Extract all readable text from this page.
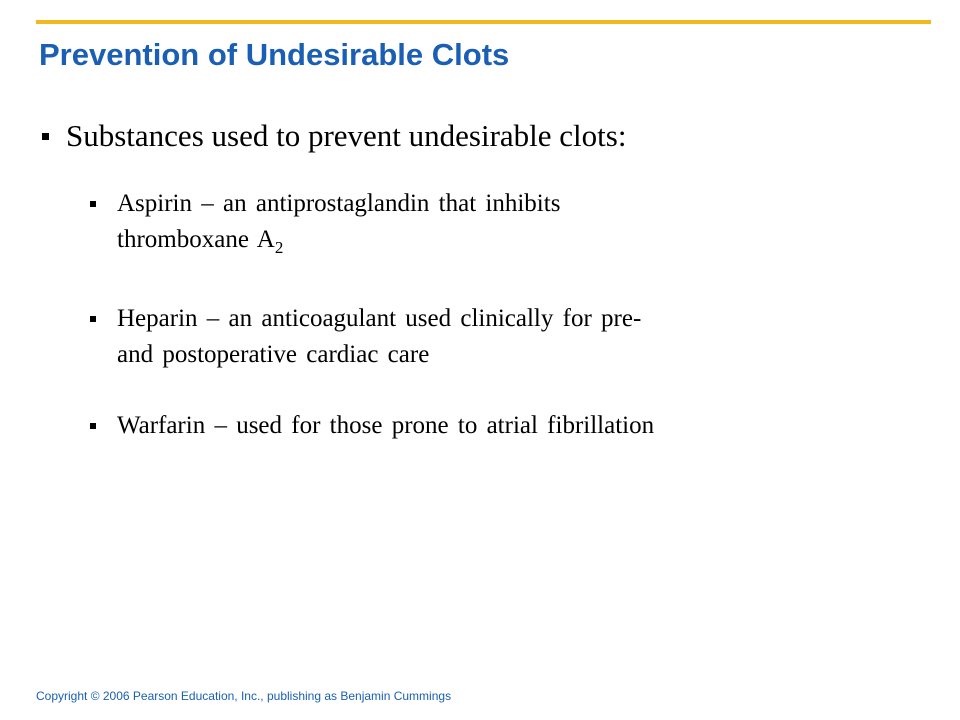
Prevention of Undesirable Clots
Substances used to prevent undesirable clots:
Aspirin – an antiprostaglandin that inhibits
thromboxane $A_2$
Heparin – an anticoagulant used clinically for pre-
and postoperative cardiac care
Warfarin – used for those prone to atrial fibrillation
Copyright © 2006 Pearson Education, Inc., publishing as Benjamin Cummings
